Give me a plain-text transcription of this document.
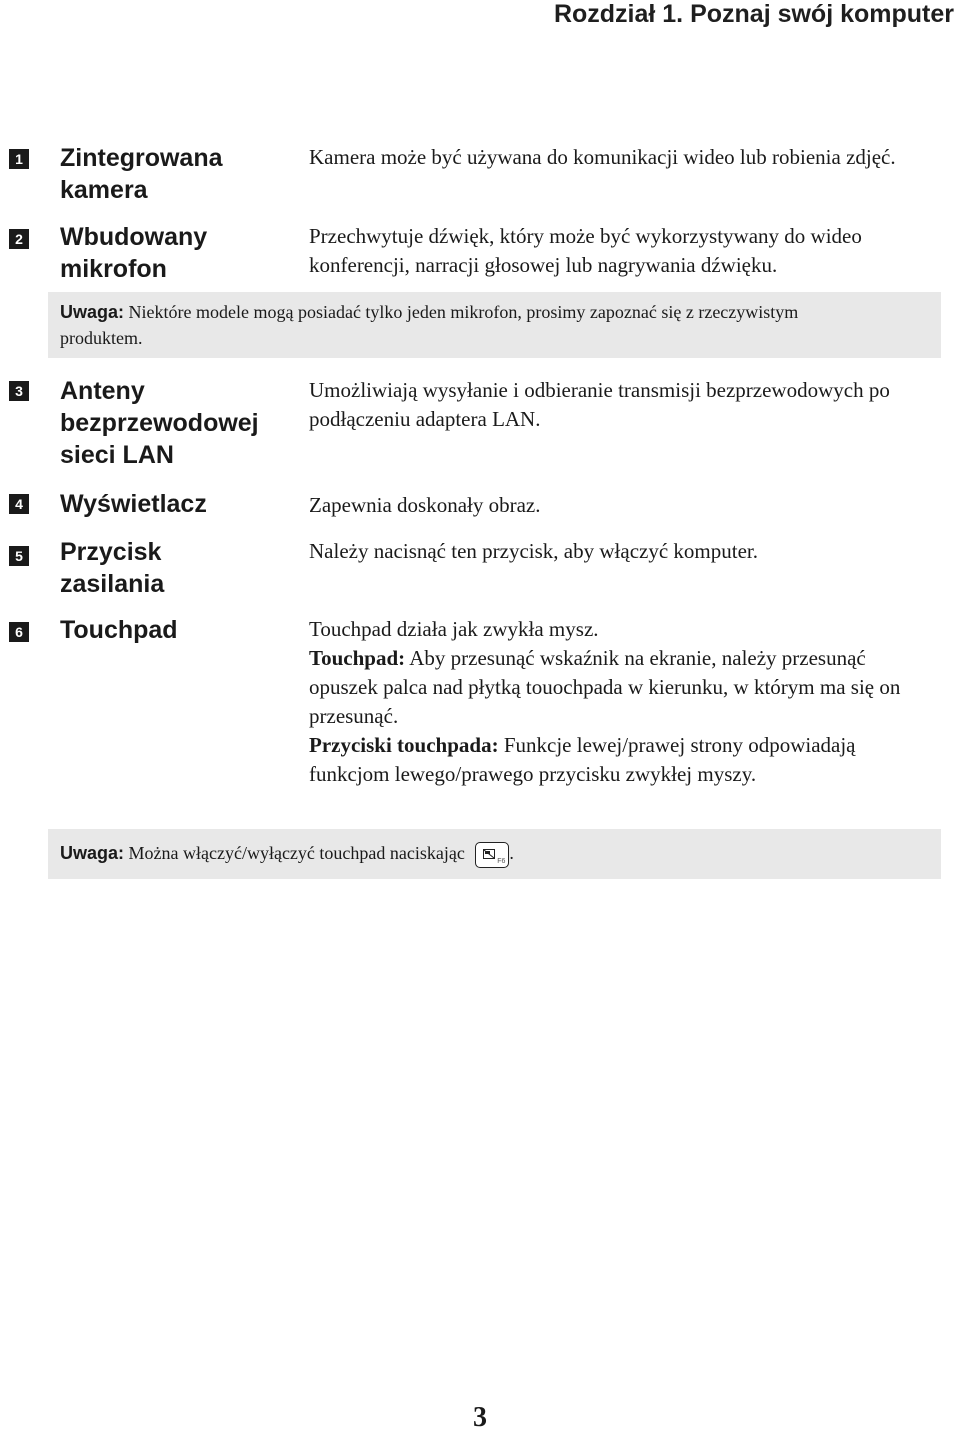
Rozdział 1. Poznaj swój komputer
1 Zintegrowana kamera
Kamera może być używana do komunikacji wideo lub robienia zdjęć.
2 Wbudowany mikrofon
Przechwytuje dźwięk, który może być wykorzystywany do wideo konferencji, narracji głosowej lub nagrywania dźwięku.
Uwaga: Niektóre modele mogą posiadać tylko jeden mikrofon, prosimy zapoznać się z rzeczywistym produktem.
3 Anteny bezprzewodowej sieci LAN
Umożliwiają wysyłanie i odbieranie transmisji bezprzewodowych po podłączeniu adaptera LAN.
4 Wyświetlacz	Zapewnia doskonały obraz.
5 Przycisk zasilania
Należy nacisnąć ten przycisk, aby włączyć komputer.
6 Touchpad	Touchpad działa jak zwykła mysz.
Touchpad: Aby przesunąć wskaźnik na ekranie, należy przesunąć opuszek palca nad płytką touochpada w kierunku, w którym ma się on przesunąć.
Przyciski touchpada: Funkcje lewej/prawej strony odpowiadają funkcjom lewego/prawego przycisku zwykłej myszy.
Uwaga: Można włączyć/wyłączyć touchpad naciskając	F6 .
3
